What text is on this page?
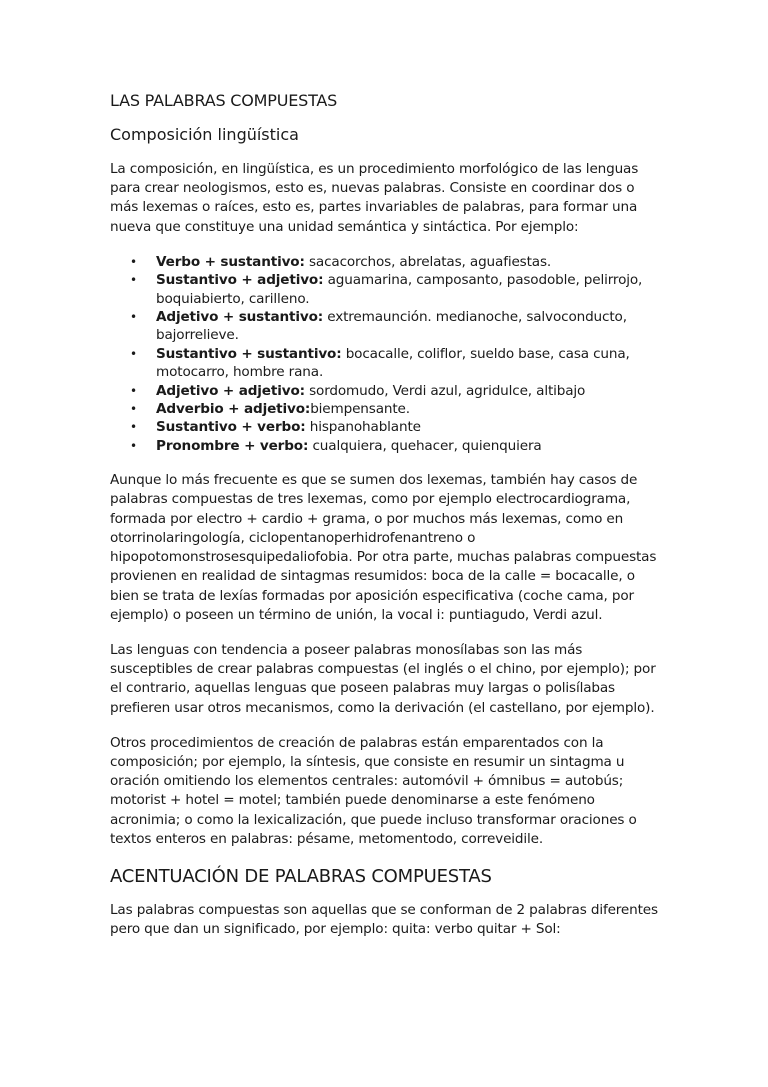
LAS PALABRAS COMPUESTAS
Composición lingüística

La composición, en lingüística, es un procedimiento morfológico de las lenguas para crear neologismos, esto es, nuevas palabras. Consiste en coordinar dos o más lexemas o raíces, esto es, partes invariables de palabras, para formar una nueva que constituye una unidad semántica y sintáctica. Por ejemplo:

• Verbo + sustantivo: sacacorchos, abrelatas, aguafiestas.
• Sustantivo + adjetivo: aguamarina, camposanto, pasodoble, pelirrojo, boquiabierto, carilleno.
• Adjetivo + sustantivo: extremaunción. medianoche, salvoconducto, bajorrelieve.
• Sustantivo + sustantivo: bocacalle, coliflor, sueldo base, casa cuna, motocarro, hombre rana.
• Adjetivo + adjetivo: sordomudo, Verdi azul, agridulce, altibajo
• Adverbio + adjetivo:biempensante.
• Sustantivo + verbo: hispanohablante
• Pronombre + verbo: cualquiera, quehacer, quienquiera

Aunque lo más frecuente es que se sumen dos lexemas, también hay casos de palabras compuestas de tres lexemas, como por ejemplo electrocardiograma, formada por electro + cardio + grama, o por muchos más lexemas, como en otorrinolaringología, ciclopentanoperhidrofenantreno o hipopotomonstrosesquipedaliofobia. Por otra parte, muchas palabras compuestas provienen en realidad de sintagmas resumidos: boca de la calle = bocacalle, o bien se trata de lexías formadas por aposición especificativa (coche cama, por ejemplo) o poseen un término de unión, la vocal i: puntiagudo, Verdi azul.

Las lenguas con tendencia a poseer palabras monosílabas son las más susceptibles de crear palabras compuestas (el inglés o el chino, por ejemplo); por el contrario, aquellas lenguas que poseen palabras muy largas o polisílabas prefieren usar otros mecanismos, como la derivación (el castellano, por ejemplo).

Otros procedimientos de creación de palabras están emparentados con la composición; por ejemplo, la síntesis, que consiste en resumir un sintagma u oración omitiendo los elementos centrales: automóvil + ómnibus = autobús; motorist + hotel = motel; también puede denominarse a este fenómeno acronimia; o como la lexicalización, que puede incluso transformar oraciones o textos enteros en palabras: pésame, metomentodo, correveidile.

ACENTUACIÓN DE PALABRAS COMPUESTAS

Las palabras compuestas son aquellas que se conforman de 2 palabras diferentes pero que dan un significado, por ejemplo: quita: verbo quitar + Sol:
